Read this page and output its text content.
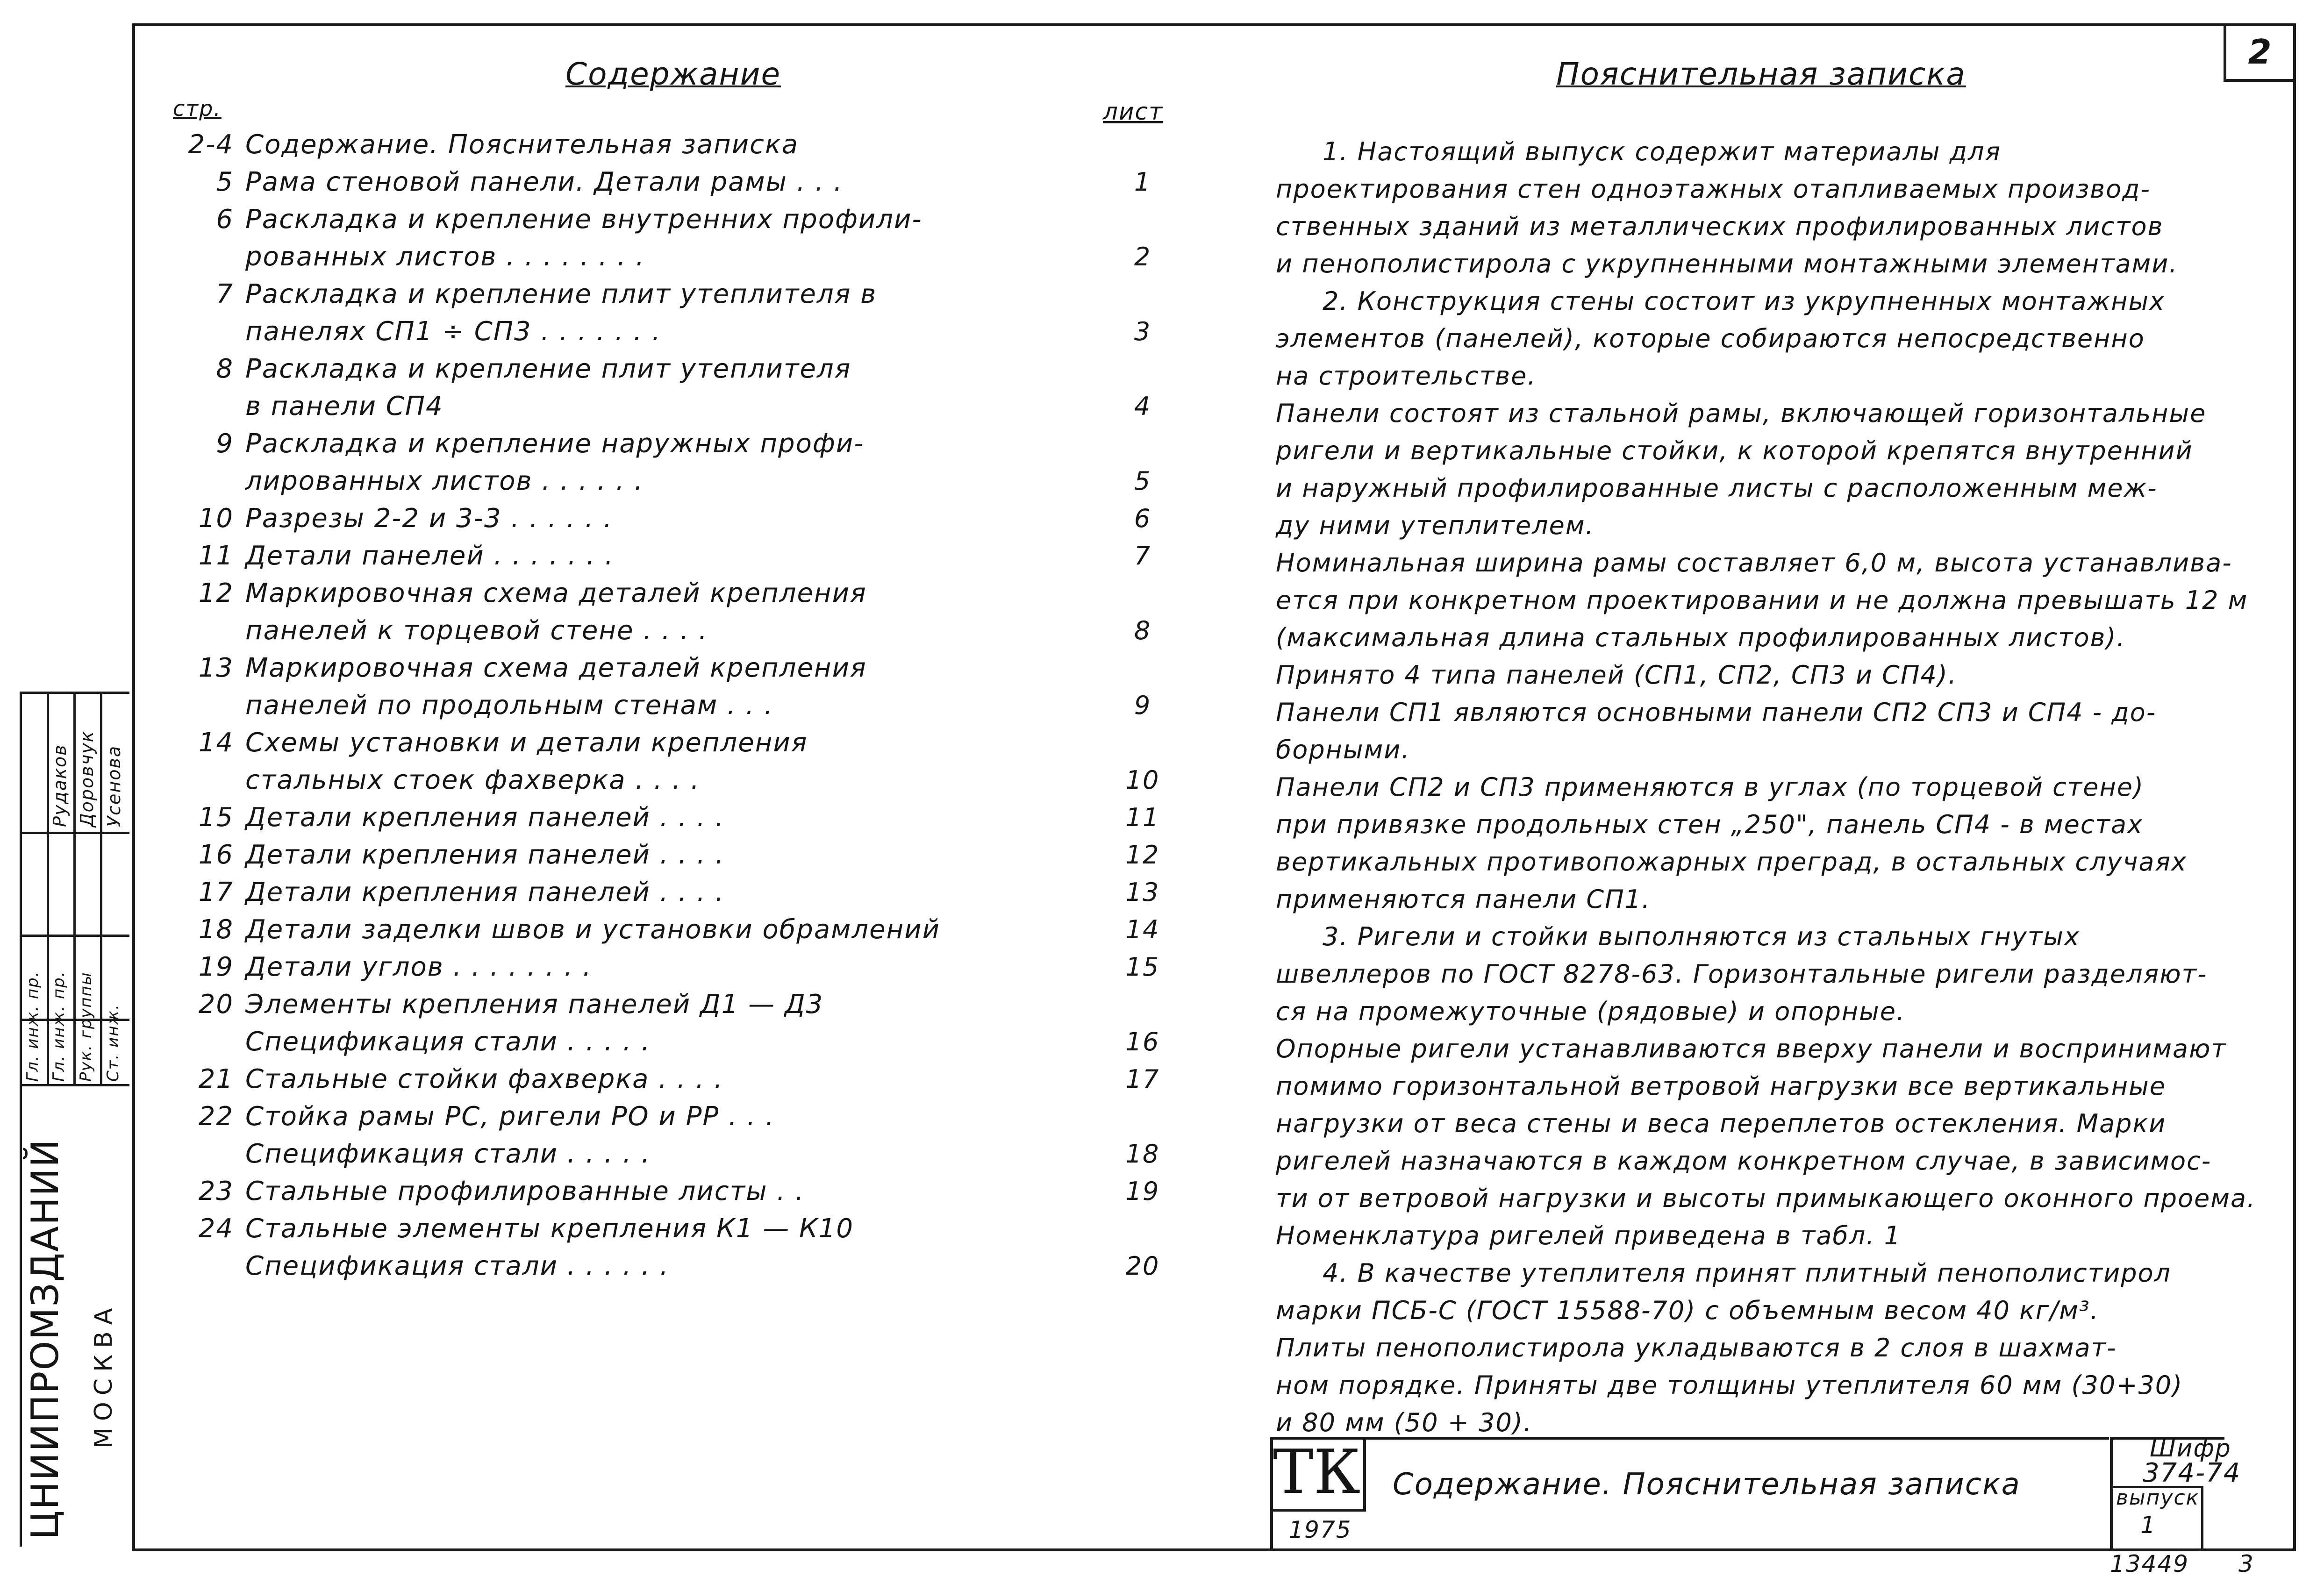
2
Содержание
стр.	лист
2-4 Содержание. Пояснительная записка
5 Рама стеновой панели. Детали рамы . . .	1
6 Раскладка и крепление внутренних профили-
рованных листов . . . . . . . .	2
7 Раскладка и крепление плит утеплителя в
панелях СП1 ÷ СП3 . . . . . . .	3
8 Раскладка и крепление плит утеплителя
в панели СП4	4
9 Раскладка и крепление наружных профи-
лированных листов . . . . . .	5
10 Разрезы 2-2 и 3-3 . . . . . .	6
11 Детали панелей . . . . . . .	7
12 Маркировочная схема деталей крепления
панелей к торцевой стене . . . .	8
13 Маркировочная схема деталей крепления
панелей по продольным стенам . . .	9
14 Схемы установки и детали крепления
стальных стоек фахверка . . . .	10
15 Детали крепления панелей . . . .	11
16 Детали крепления панелей . . . .	12
17 Детали крепления панелей . . . .	13
18 Детали заделки швов и установки обрамлений	14
19 Детали углов . . . . . . . .	15
20 Элементы крепления панелей Д1 — Д3
Спецификация стали . . . . .	16
21 Стальные стойки фахверка . . . .	17
22 Стойка рамы РС, ригели РО и РР . . .
Спецификация стали . . . . .	18
23 Стальные профилированные листы . .	19
24 Стальные элементы крепления К1 — К10
Спецификация стали . . . . . .	20
Пояснительная записка
1. Настоящий выпуск содержит материалы для
проектирования стен одноэтажных отапливаемых производ-
ственных зданий из металлических профилированных листов
и пенополистирола с укрупненными монтажными элементами.
2. Конструкция стены состоит из укрупненных монтажных
элементов (панелей), которые собираются непосредственно
на строительстве.
Панели состоят из стальной рамы, включающей горизонтальные
ригели и вертикальные стойки, к которой крепятся внутренний
и наружный профилированные листы с расположенным меж-
ду ними утеплителем.
Номинальная ширина рамы составляет 6,0 м, высота устанавлива-
ется при конкретном проектировании и не должна превышать 12 м
(максимальная длина стальных профилированных листов).
Принято 4 типа панелей (СП1, СП2, СП3 и СП4).
Панели СП1 являются основными панели СП2 СП3 и СП4 - до-
борными.
Панели СП2 и СП3 применяются в углах (по торцевой стене)
при привязке продольных стен „250", панель СП4 - в местах
вертикальных противопожарных преград, в остальных случаях
применяются панели СП1.
3. Ригели и стойки выполняются из стальных гнутых
швеллеров по ГОСТ 8278-63. Горизонтальные ригели разделяют-
ся на промежуточные (рядовые) и опорные.
Опорные ригели устанавливаются вверху панели и воспринимают
помимо горизонтальной ветровой нагрузки все вертикальные
нагрузки от веса стены и веса переплетов остекления. Марки
ригелей назначаются в каждом конкретном случае, в зависимос-
ти от ветровой нагрузки и высоты примыкающего оконного проема.
Номенклатура ригелей приведена в табл. 1
4. В качестве утеплителя принят плитный пенополистирол
марки ПСБ-С (ГОСТ 15588-70) с объемным весом 40 кг/м³.
Плиты пенополистирола укладываются в 2 слоя в шахмат-
ном порядке. Приняты две толщины утеплителя 60 мм (30+30)
и 80 мм (50 + 30).
ТК
1975
Содержание. Пояснительная записка
Шифр
374-74
выпуск
1
13449 3
Гл. инж. пр. Гл. инж. пр. Рук. группы Ст. инж.
Рудаков Доровчук Усенова
ЦНИИПРОМЗДАНИЙ МОСКВА
